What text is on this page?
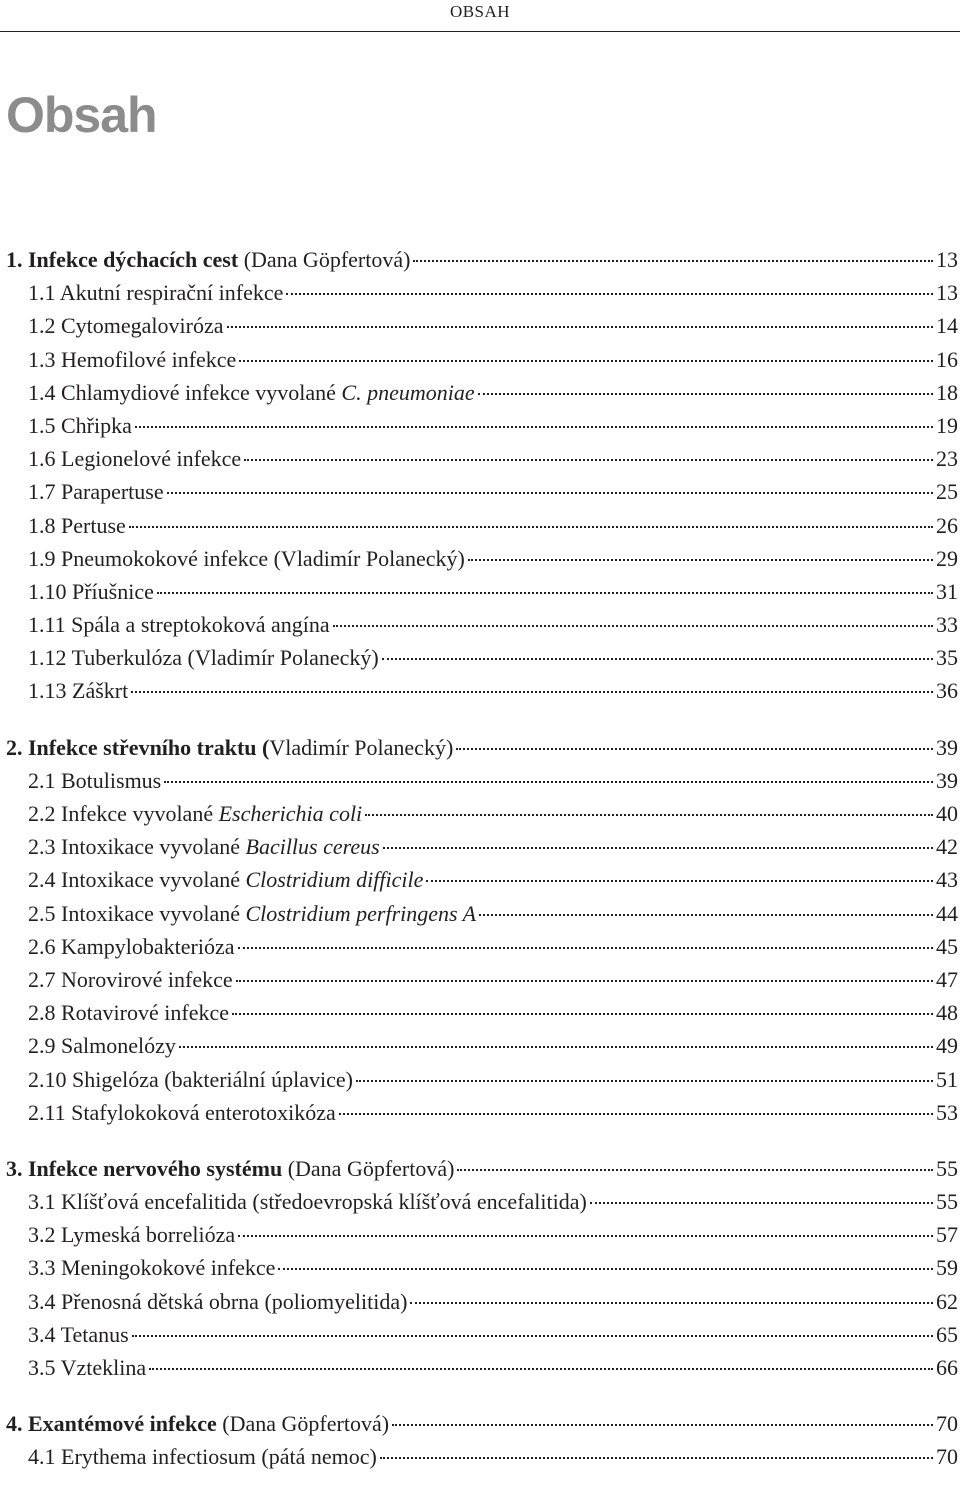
OBSAH
Obsah
1. Infekce dýchacích cest (Dana Göpfertová)	13
1.1 Akutní respirační infekce	13
1.2 Cytomegaloviróza	14
1.3 Hemofilové infekce	16
1.4 Chlamydiové infekce vyvolané C. pneumoniae	18
1.5 Chřipka	19
1.6 Legionelové infekce	23
1.7 Parapertuse	25
1.8 Pertuse	26
1.9 Pneumokokové infekce (Vladimír Polanecký)	29
1.10 Příušnice	31
1.11 Spála a streptokoková angína	33
1.12 Tuberkulóza (Vladimír Polanecký)	35
1.13 Záškrt	36
2. Infekce střevního traktu (Vladimír Polanecký)	39
2.1 Botulismus	39
2.2 Infekce vyvolané Escherichia coli	40
2.3 Intoxikace vyvolané Bacillus cereus	42
2.4 Intoxikace vyvolané Clostridium difficile	43
2.5 Intoxikace vyvolané Clostridium perfringens A	44
2.6 Kampylobakterióza	45
2.7 Norovirové infekce	47
2.8 Rotavirové infekce	48
2.9 Salmonelózy	49
2.10 Shigelóza (bakteriální úplavice)	51
2.11 Stafylokoková enterotoxikóza	53
3. Infekce nervového systému (Dana Göpfertová)	55
3.1 Klíšťová encefalitida (středoevropská klíšťová encefalitida)	55
3.2 Lymeská borrelióza	57
3.3 Meningokokové infekce	59
3.4 Přenosná dětská obrna (poliomyelitida)	62
3.4 Tetanus	65
3.5 Vzteklina	66
4. Exantémové infekce (Dana Göpfertová)	70
4.1 Erythema infectiosum (pátá nemoc)	70
